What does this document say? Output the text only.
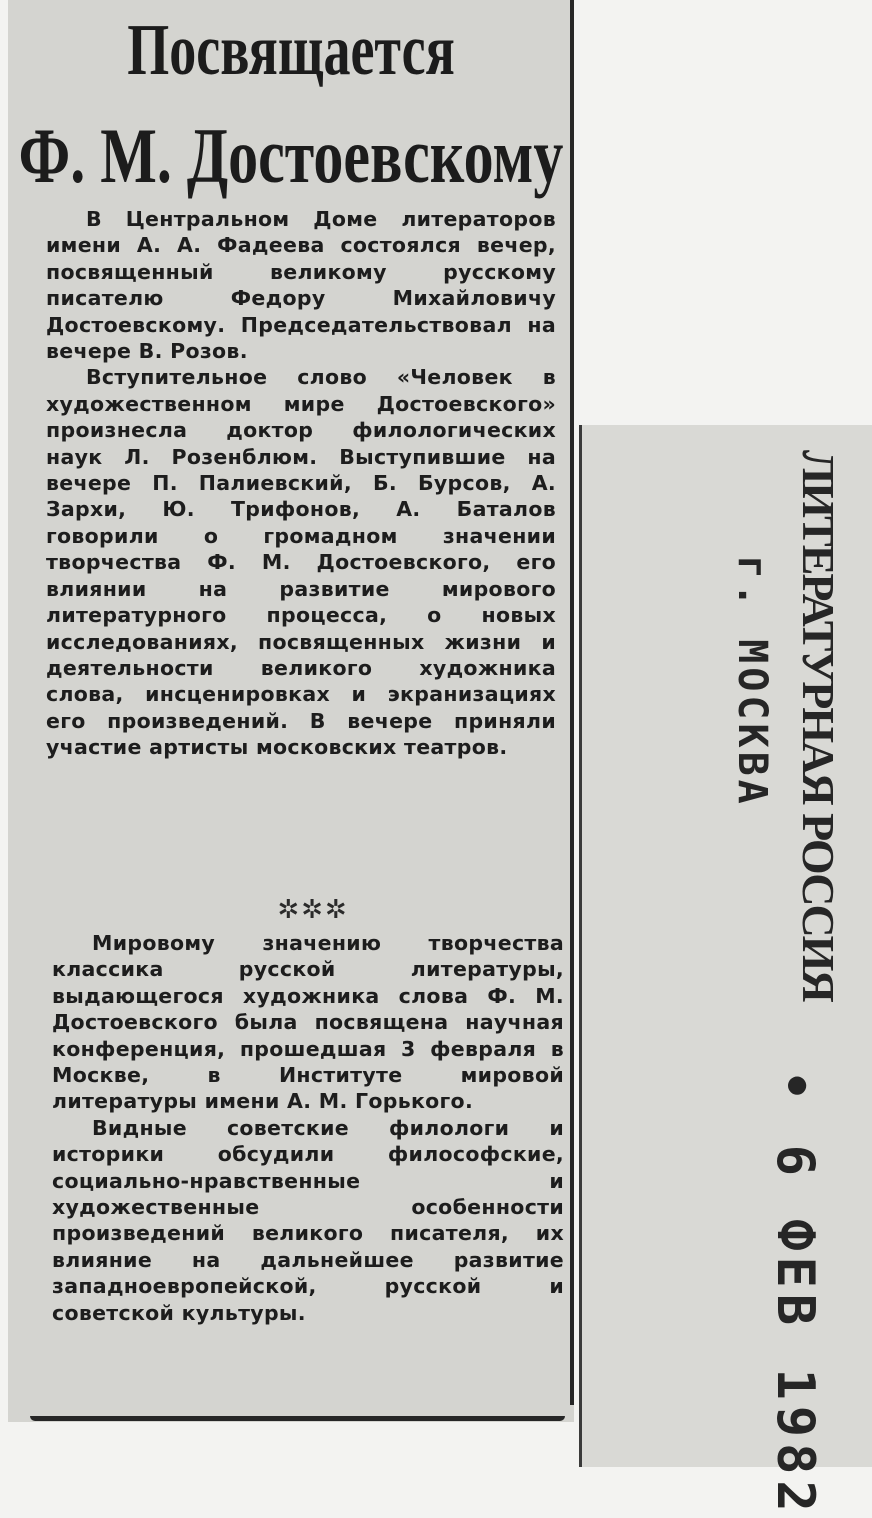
Посвящается
Ф. М. Достоевскому

В Центральном Доме литераторов имени А. А. Фадеева состоялся вечер, посвященный великому русскому писателю Федору Михайловичу Достоевскому. Председательствовал на вечере В. Розов.

Вступительное слово «Человек в художественном мире Достоевского» произнесла доктор филологических наук Л. Розенблюм. Выступившие на вечере П. Палиевский, Б. Бурсов, А. Зархи, Ю. Трифонов, А. Баталов говорили о громадном значении творчества Ф. М. Достоевского, его влиянии на развитие мирового литературного процесса, о новых исследованиях, посвященных жизни и деятельности великого художника слова, инсценировках и экранизациях его произведений. В вечере приняли участие артисты московских театров.

✲✲✲

Мировому значению творчества классика русской литературы, выдающегося художника слова Ф. М. Достоевского была посвящена научная конференция, прошедшая 3 февраля в Москве, в Институте мировой литературы имени А. М. Горького.

Видные советские филологи и историки обсудили философские, социально-нравственные и художественные особенности произведений великого писателя, их влияние на дальнейшее развитие западноевропейской, русской и советской культуры.

ЛИТЕРАТУРНАЯ РОССИЯ
г. МОСКВА
• 6 ФЕВ 1982
